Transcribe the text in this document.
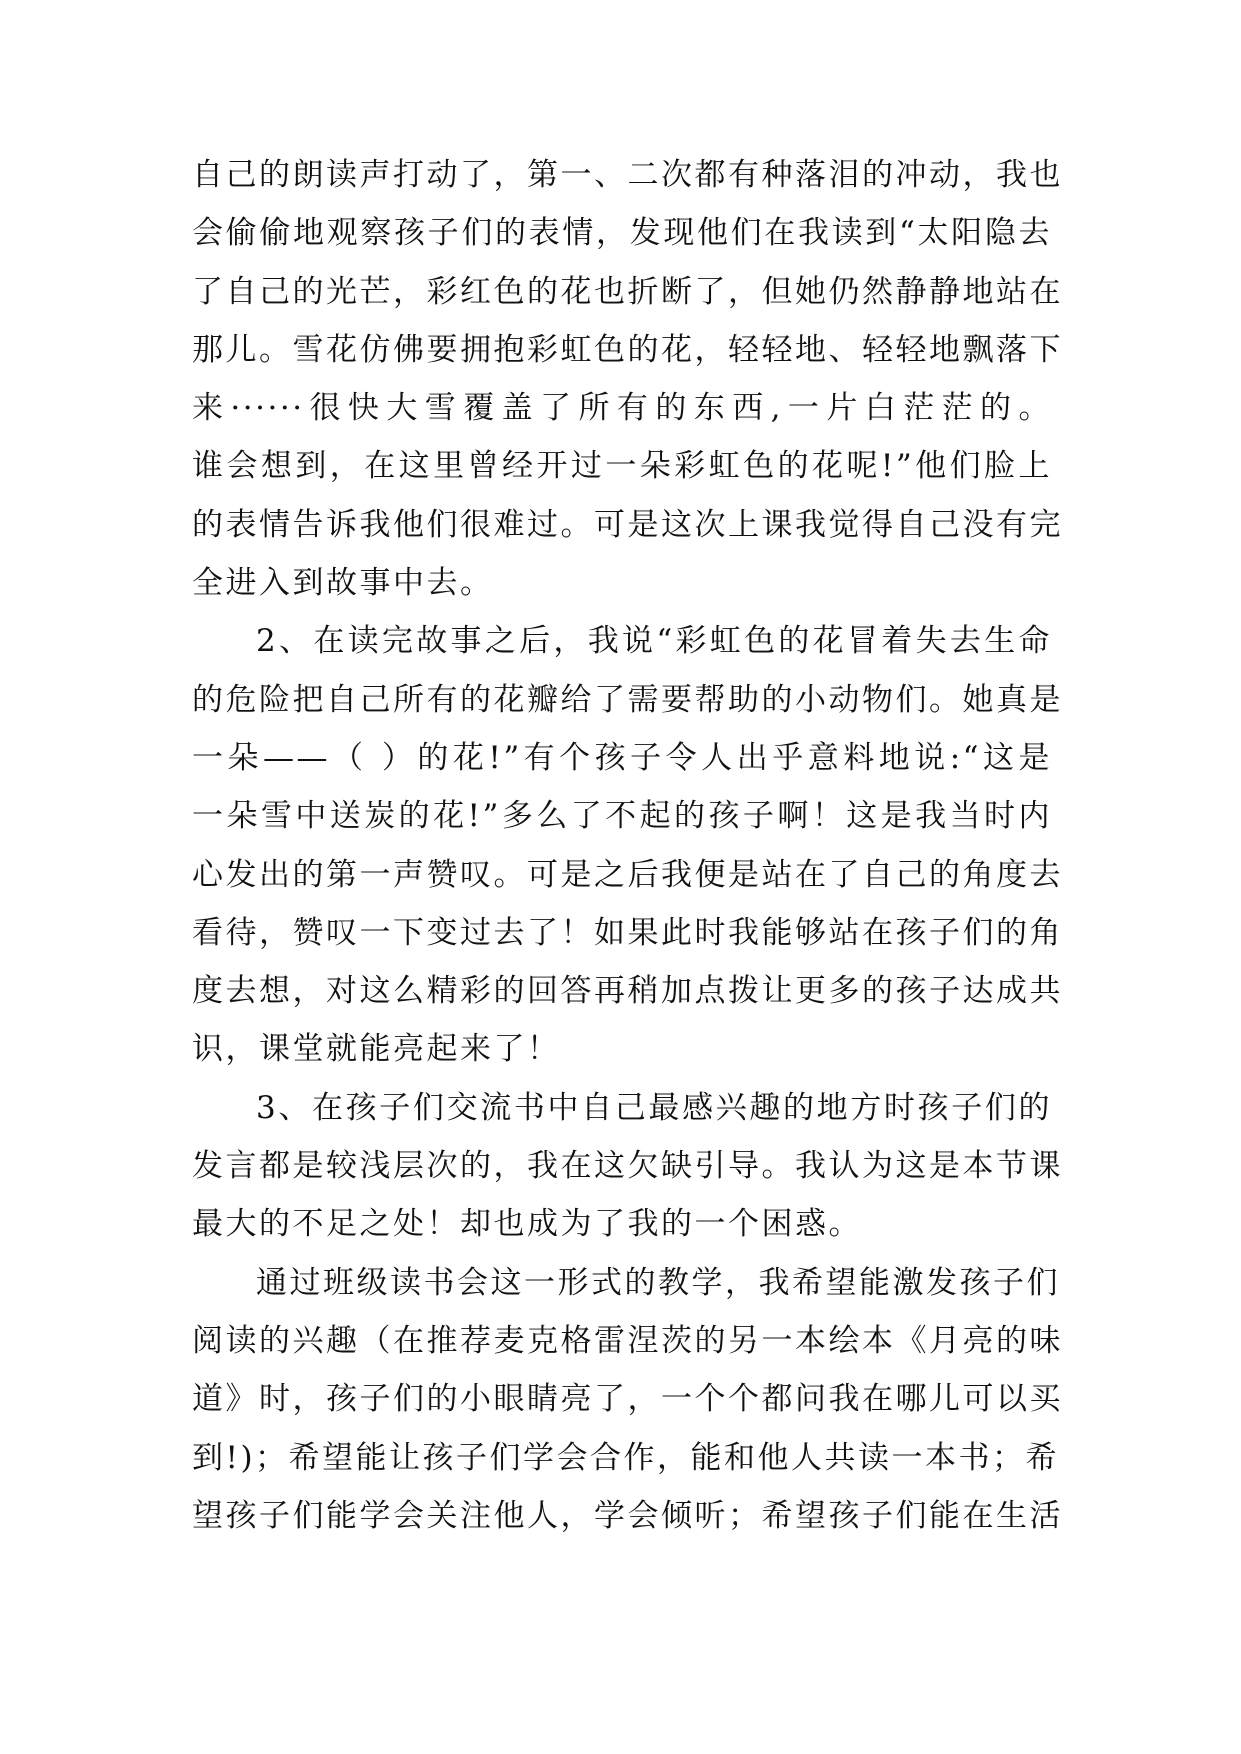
自己的朗读声打动了，第一、二次都有种落泪的冲动，我也
会偷偷地观察孩子们的表情，发现他们在我读到“太阳隐去
了自己的光芒，彩红色的花也折断了，但她仍然静静地站在
那儿。雪花仿佛要拥抱彩虹色的花，轻轻地、轻轻地飘落下
来······很快大雪覆盖了所有的东西,一片白茫茫的。
谁会想到，在这里曾经开过一朵彩虹色的花呢!”他们脸上
的表情告诉我他们很难过。可是这次上课我觉得自己没有完
全进入到故事中去。
2、在读完故事之后，我说“彩虹色的花冒着失去生命
的危险把自己所有的花瓣给了需要帮助的小动物们。她真是
一朵——（ ）的花!”有个孩子令人出乎意料地说:“这是
一朵雪中送炭的花!”多么了不起的孩子啊！这是我当时内
心发出的第一声赞叹。可是之后我便是站在了自己的角度去
看待，赞叹一下变过去了！如果此时我能够站在孩子们的角
度去想，对这么精彩的回答再稍加点拨让更多的孩子达成共
识，课堂就能亮起来了！
3、在孩子们交流书中自己最感兴趣的地方时孩子们的
发言都是较浅层次的，我在这欠缺引导。我认为这是本节课
最大的不足之处！却也成为了我的一个困惑。
通过班级读书会这一形式的教学，我希望能激发孩子们
阅读的兴趣（在推荐麦克格雷涅茨的另一本绘本《月亮的味
道》时，孩子们的小眼睛亮了，一个个都问我在哪儿可以买
到!)；希望能让孩子们学会合作，能和他人共读一本书；希
望孩子们能学会关注他人，学会倾听；希望孩子们能在生活
